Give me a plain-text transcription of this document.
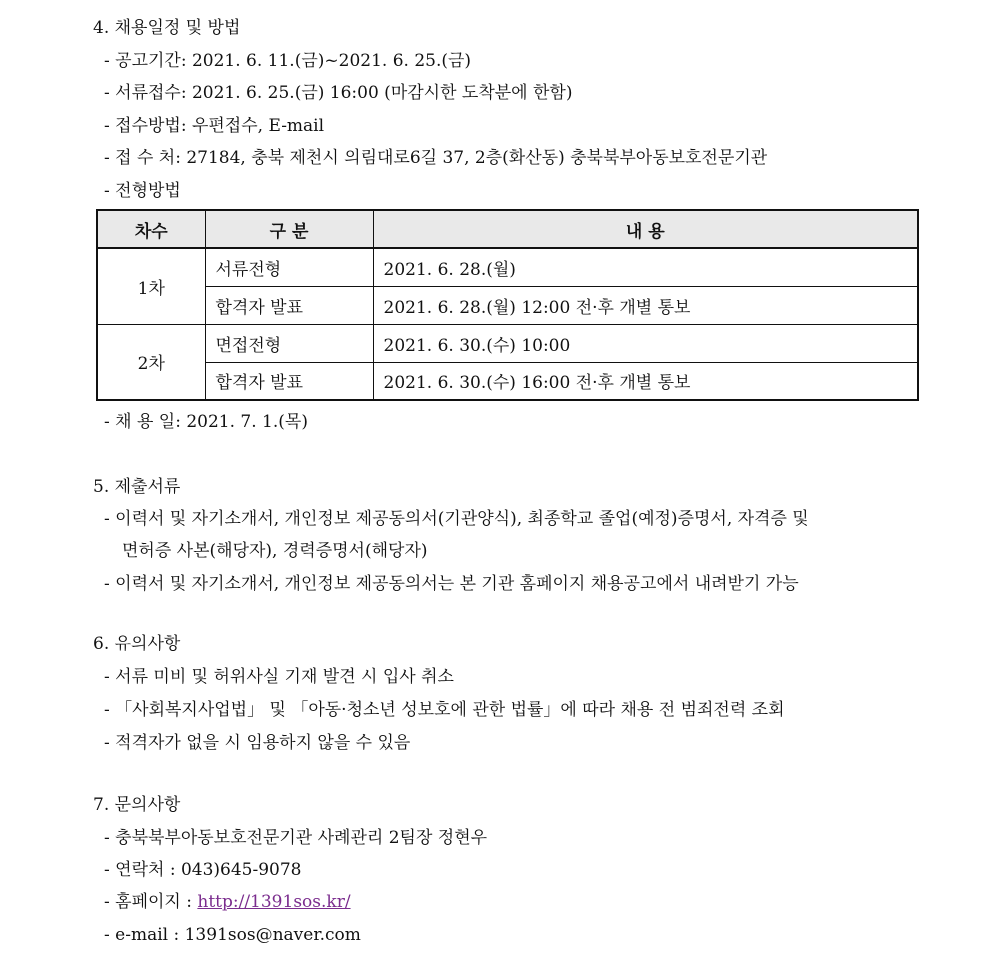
4. 채용일정 및 방법
- 공고기간: 2021. 6. 11.(금)~2021. 6. 25.(금)
- 서류접수: 2021. 6. 25.(금) 16:00 (마감시한 도착분에 한함)
- 접수방법: 우편접수, E-mail
- 접 수 처: 27184, 충북 제천시 의림대로6길 37, 2층(화산동) 충북북부아동보호전문기관
- 전형방법
차수	구 분	내 용
1차	서류전형	2021. 6. 28.(월)
	합격자 발표	2021. 6. 28.(월) 12:00 전·후 개별 통보
2차	면접전형	2021. 6. 30.(수) 10:00
	합격자 발표	2021. 6. 30.(수) 16:00 전·후 개별 통보
- 채 용 일: 2021. 7. 1.(목)
5. 제출서류
- 이력서 및 자기소개서, 개인정보 제공동의서(기관양식), 최종학교 졸업(예정)증명서, 자격증 및
면허증 사본(해당자), 경력증명서(해당자)
- 이력서 및 자기소개서, 개인정보 제공동의서는 본 기관 홈페이지 채용공고에서 내려받기 가능
6. 유의사항
- 서류 미비 및 허위사실 기재 발견 시 입사 취소
- 「사회복지사업법」 및 「아동·청소년 성보호에 관한 법률」에 따라 채용 전 범죄전력 조회
- 적격자가 없을 시 임용하지 않을 수 있음
7. 문의사항
- 충북북부아동보호전문기관 사례관리 2팀장 정현우
- 연락처 : 043)645-9078
- 홈페이지 : http://1391sos.kr/
- e-mail : 1391sos@naver.com
